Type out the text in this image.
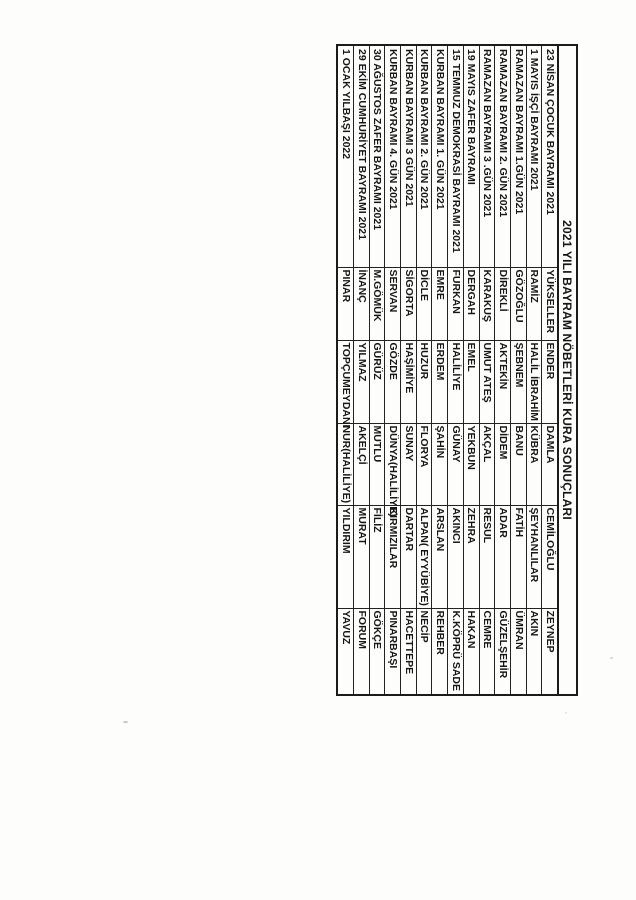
2021 YILI BAYRAM NÖBETLERİ KURA SONUÇLARI					
23 NİSAN ÇOCUK BAYRAMI 2021	YÜKSELLER	ENDER	DAMLA	CEMİLOĞLU	ZEYNEP
1 MAYIS İŞÇİ BAYRAMI 2021	RAMİZ	HALİL İBRAHİM	KÜBRA	ŞEYHANLILAR	AKIN
RAMAZAN BAYRAMI 1.GÜN 2021	GÖZOĞLU	ŞEBNEM	BANU	FATİH	ÜMRAN
RAMAZAN BAYRAMI 2. GÜN 2021	DİREKLİ	AKTEKİN	DİDEM	ADAR	GÜZELŞEHİR
RAMAZAN BAYRAMI 3 .GÜN 2021	KARAKUŞ	UMUT ATEŞ	AKÇAL	RESUL	CEMRE
19 MAYIS ZAFER BAYRAMI	DERGAH	EMEL	YEKBUN	ZEHRA	HAKAN
15 TEMMUZ DEMOKRASİ BAYRAMI 2021	FURKAN	HALİLİYE	GÜNAY	AKINCI	K.KÖPRÜ SADE
KURBAN BAYRAMI 1. GÜN 2021	EMRE	ERDEM	ŞAHİN	ARSLAN	REHBER
KURBAN BAYRAMI 2. GÜN 2021	DİCLE	HUZUR	FLORYA	ALPAN( EYYÜBİYE)	NECİP
KURBAN BAYRAMI 3 GÜN 2021	SİGORTA	HAŞİMİYE	SUNAY	DARTAR	HACETTEPE
KURBAN BAYRAMI 4. GÜN 2021	SERVAN	GÖZDE	DÜNYA(HALİLİYE)	KIRMIZILAR	PINARBAŞI
30 AĞUSTOS ZAFER BAYRAMI 2021	M.GÖMÜK	GÜRÜZ	MUTLU	FİLİZ	GÖKÇE
29 EKİM CUMHURİYET BAYRAMI 2021	İNANÇ	YILMAZ	AKELÇİ	MURAT	FORUM
1 OCAK YILBAŞI 2022	PINAR	TOPÇUMEYDANI	NUR(HALİLİYE)	YILDIRIM	YAVUZ
